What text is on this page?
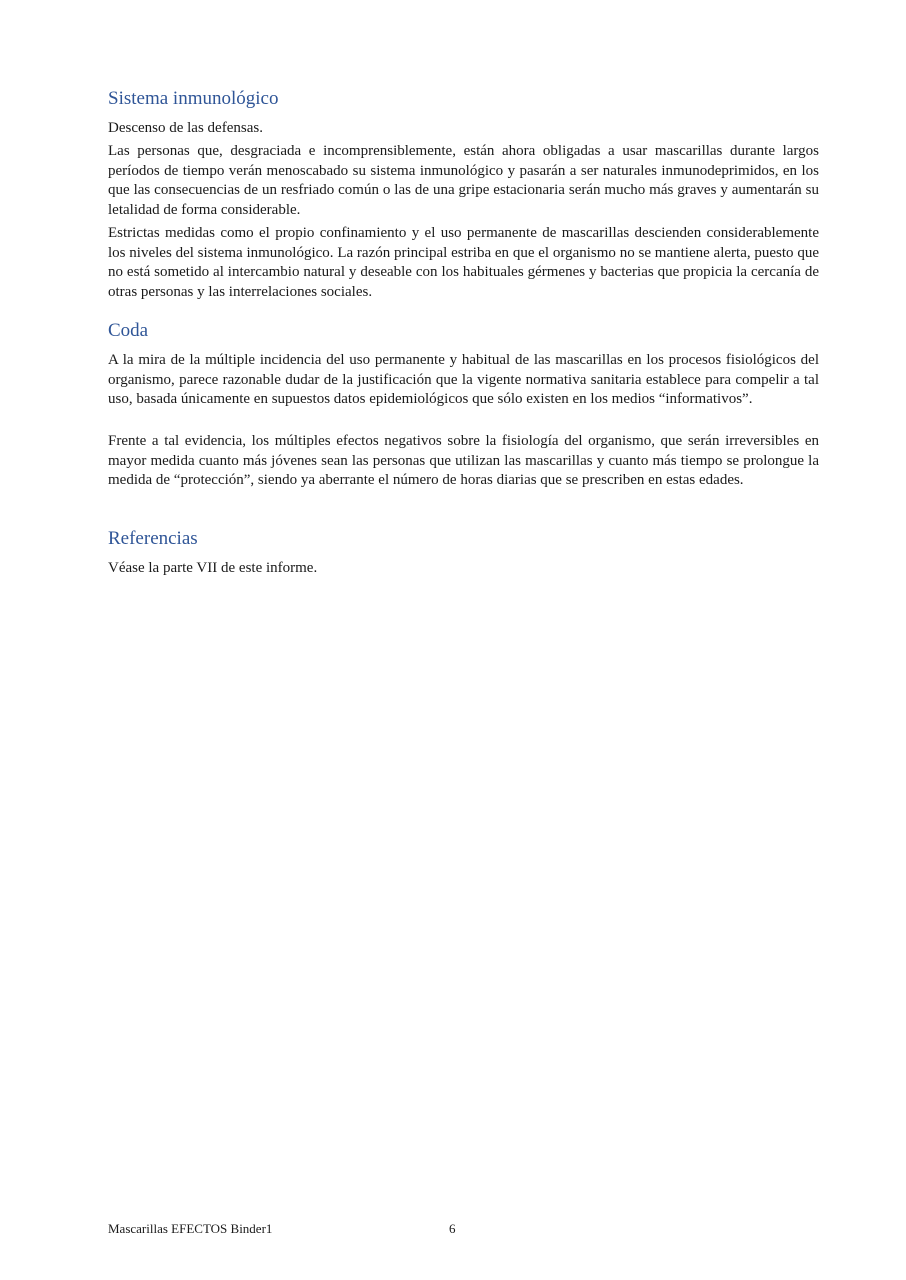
Sistema inmunológico

Descenso de las defensas.

Las personas que, desgraciada e incomprensiblemente, están ahora obligadas a usar mascarillas durante largos períodos de tiempo verán menoscabado su sistema inmunológico y pasarán a ser naturales inmunodeprimidos, en los que las consecuencias de un resfriado común o las de una gripe estacionaria serán mucho más graves y aumentarán su letalidad de forma considerable.

Estrictas medidas como el propio confinamiento y el uso permanente de mascarillas descienden considerablemente los niveles del sistema inmunológico. La razón principal estriba en que el organismo no se mantiene alerta, puesto que no está sometido al intercambio natural y deseable con los habituales gérmenes y bacterias que propicia la cercanía de otras personas y las interrelaciones sociales.

Coda

A la mira de la múltiple incidencia del uso permanente y habitual de las mascarillas en los procesos fisiológicos del organismo, parece razonable dudar de la justificación que la vigente normativa sanitaria establece para compelir a tal uso, basada únicamente en supuestos datos epidemiológicos que sólo existen en los medios “informativos”.

Frente a tal evidencia, los múltiples efectos negativos sobre la fisiología del organismo, que serán irreversibles en mayor medida cuanto más jóvenes sean las personas que utilizan las mascarillas y cuanto más tiempo se prolongue la medida de “protección”, siendo ya aberrante el número de horas diarias que se prescriben en estas edades.

Referencias

Véase la parte VII de este informe.

Mascarillas EFECTOS Binder1	6
